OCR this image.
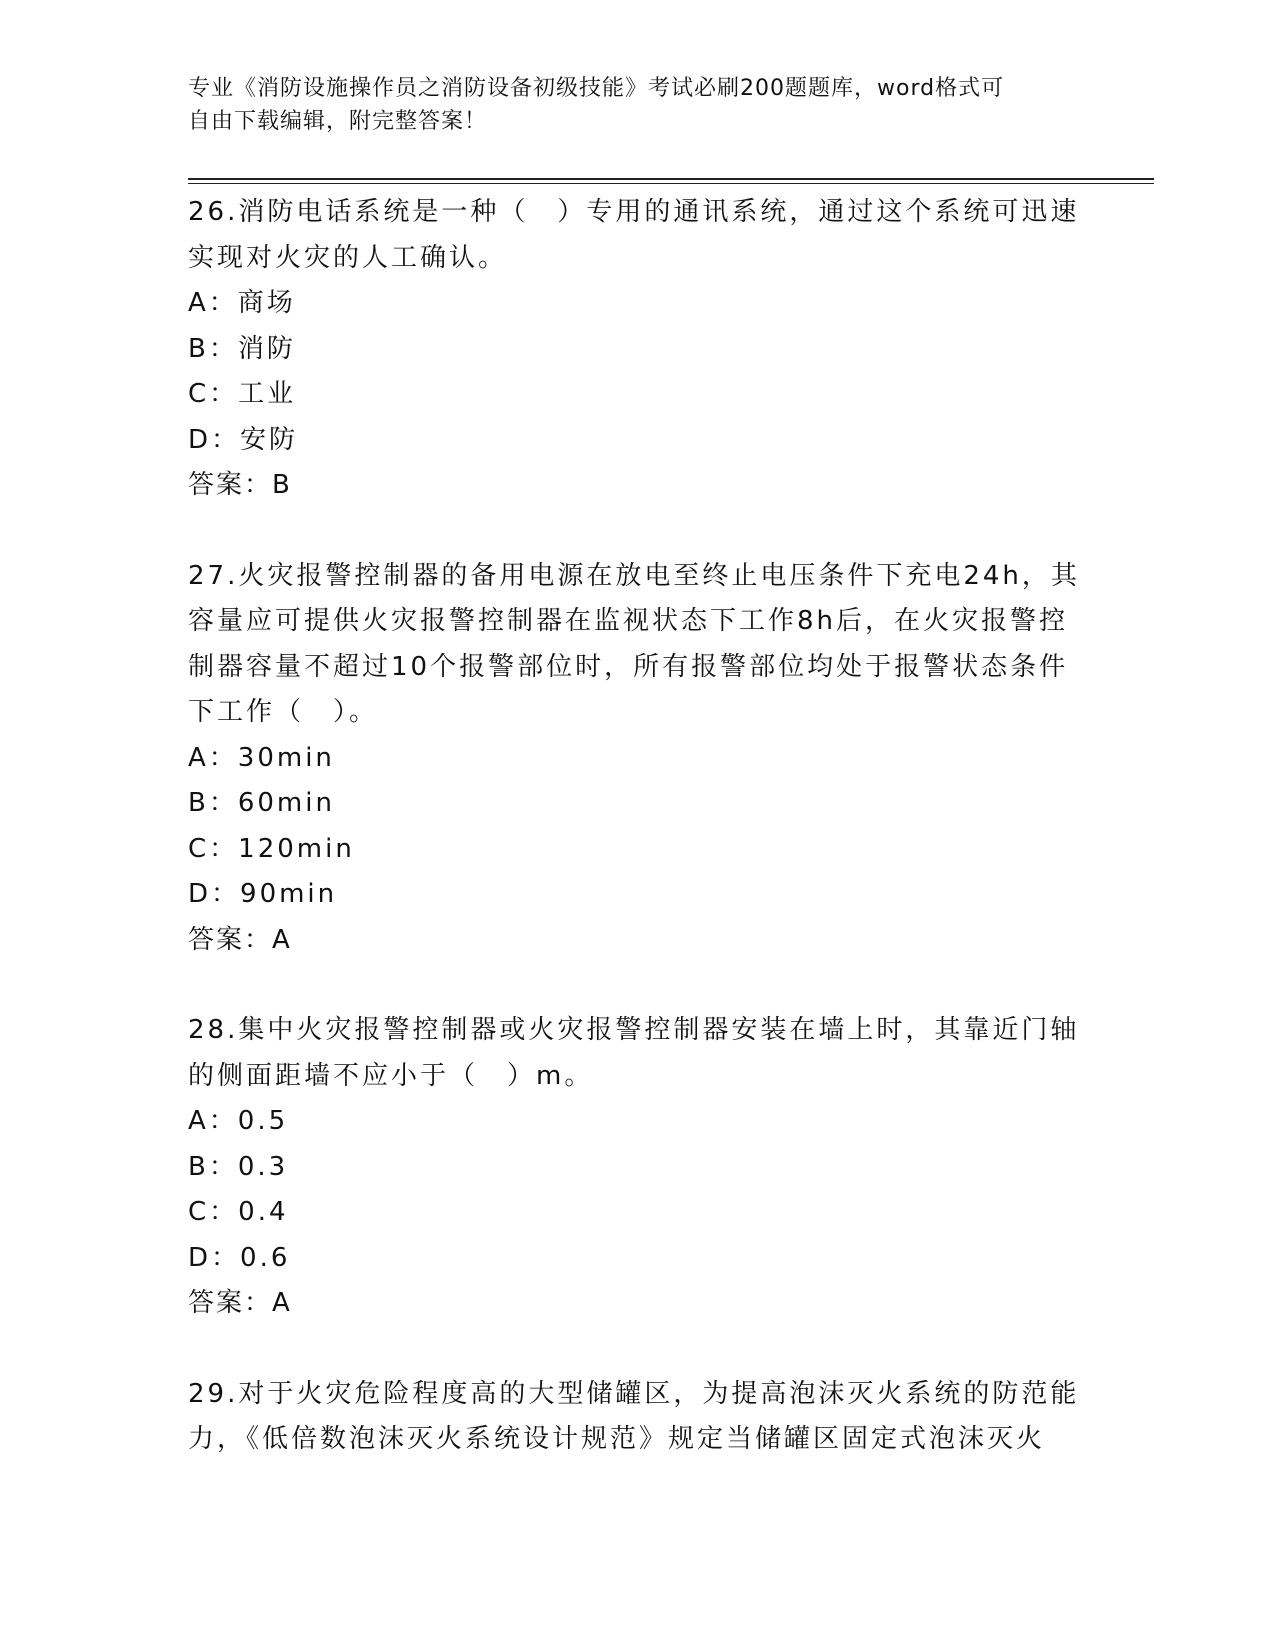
专业《消防设施操作员之消防设备初级技能》考试必刷200题题库，word格式可
自由下载编辑，附完整答案！
26.消防电话系统是一种（　）专用的通讯系统，通过这个系统可迅速
实现对火灾的人工确认。
A：商场
B：消防
C：工业
D：安防
答案：B
27.火灾报警控制器的备用电源在放电至终止电压条件下充电24h，其
容量应可提供火灾报警控制器在监视状态下工作8h后，在火灾报警控
制器容量不超过10个报警部位时，所有报警部位均处于报警状态条件
下工作（　）。
A：30min
B：60min
C：120min
D：90min
答案：A
28.集中火灾报警控制器或火灾报警控制器安装在墙上时，其靠近门轴
的侧面距墙不应小于（　）m。
A：0.5
B：0.3
C：0.4
D：0.6
答案：A
29.对于火灾危险程度高的大型储罐区，为提高泡沫灭火系统的防范能
力，《低倍数泡沫灭火系统设计规范》规定当储罐区固定式泡沫灭火
